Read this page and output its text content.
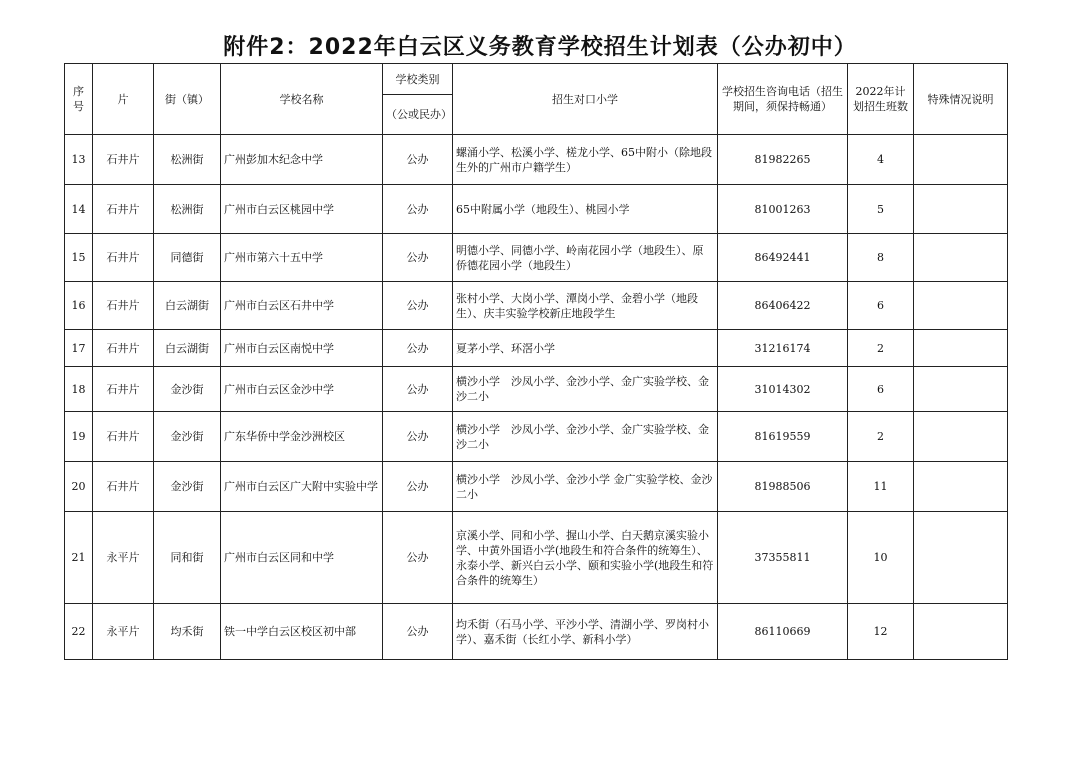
附件2：2022年白云区义务教育学校招生计划表（公办初中）
序号	片	街（镇）	学校名称	学校类别	招生对口小学	学校招生咨询电话（招生期间，须保持畅通）	2022年计划招生班数	特殊情况说明
				（公或民办）				
13	石井片	松洲街	广州彭加木纪念中学	公办	螺涌小学、松溪小学、槎龙小学、65中附小（除地段生外的广州市户籍学生）	81982265	4	
14	石井片	松洲街	广州市白云区桃园中学	公办	65中附属小学（地段生）、桃园小学	81001263	5	
15	石井片	同德街	广州市第六十五中学	公办	明德小学、同德小学、岭南花园小学（地段生）、原侨德花园小学（地段生）	86492441	8	
16	石井片	白云湖街	广州市白云区石井中学	公办	张村小学、大岗小学、潭岗小学、金碧小学（地段生）、庆丰实验学校新庄地段学生	86406422	6	
17	石井片	白云湖街	广州市白云区南悦中学	公办	夏茅小学、环滘小学	31216174	2	
18	石井片	金沙街	广州市白云区金沙中学	公办	横沙小学　沙凤小学、金沙小学、金广实验学校、金沙二小	31014302	6	
19	石井片	金沙街	广东华侨中学金沙洲校区	公办	横沙小学　沙凤小学、金沙小学、金广实验学校、金沙二小	81619559	2	
20	石井片	金沙街	广州市白云区广大附中实验中学	公办	横沙小学　沙凤小学、金沙小学 金广实验学校、金沙二小	81988506	11	
21	永平片	同和街	广州市白云区同和中学	公办	京溪小学、同和小学、握山小学、白天鹅京溪实验小学、中黄外国语小学(地段生和符合条件的统筹生）、永泰小学、新兴白云小学、颐和实验小学(地段生和符合条件的统筹生）	37355811	10	
22	永平片	均禾街	铁一中学白云区校区初中部	公办	均禾街（石马小学、平沙小学、清湖小学、罗岗村小学）、嘉禾街（长红小学、新科小学）	86110669	12	
